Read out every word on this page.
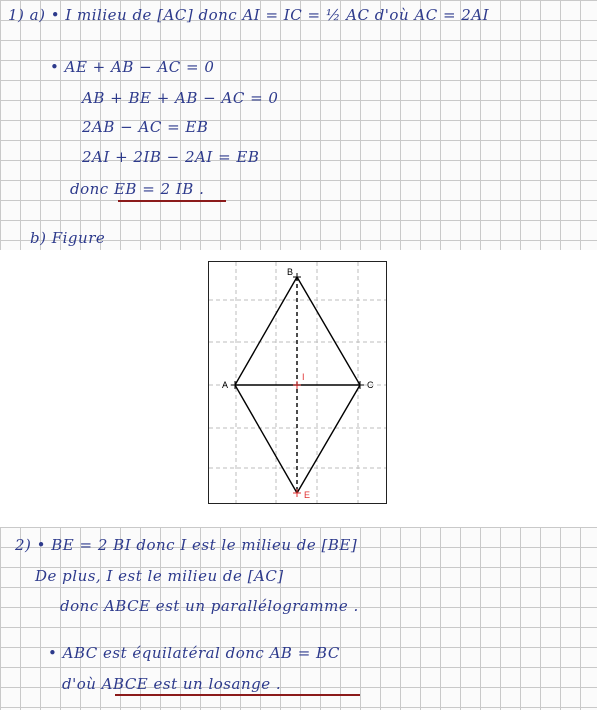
1) a) • I milieu de [AC] donc AI = IC = ½ AC d'où AC = 2AI

• AE + AB − AC = 0

AB + BE + AB − AC = 0

2AB − AC = EB

2AI + 2IB − 2AI = EB

donc EB = 2 IB .

b) Figure

B
A	C
I
E

2) • BE = 2 BI donc I est le milieu de [BE]

De plus, I est le milieu de [AC]

donc ABCE est un parallélogramme .

• ABC est équilatéral donc AB = BC

d'où ABCE est un losange .
